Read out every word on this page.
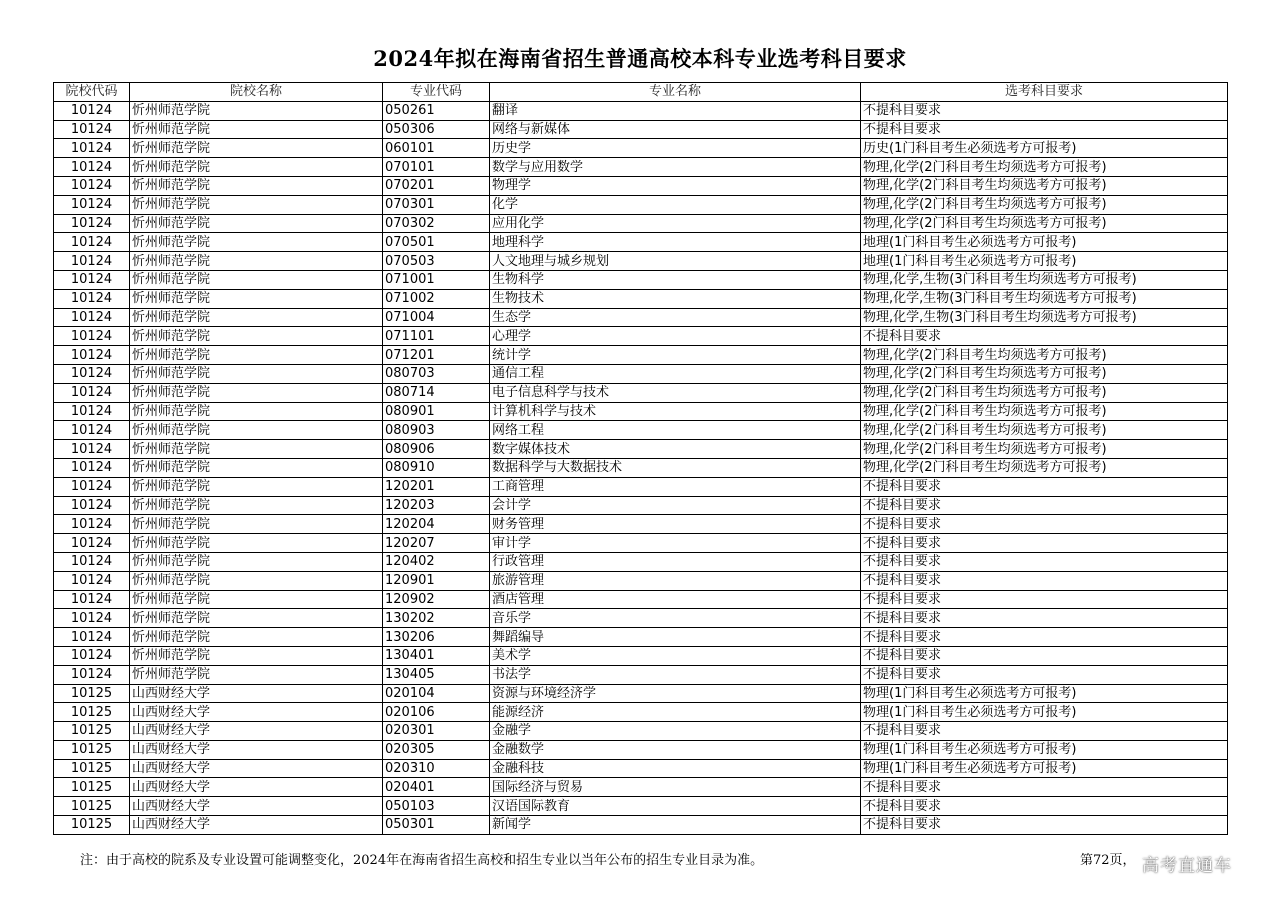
2024年拟在海南省招生普通高校本科专业选考科目要求
院校代码	院校名称	专业代码	专业名称	选考科目要求
10124	忻州师范学院	050261	翻译	不提科目要求
10124	忻州师范学院	050306	网络与新媒体	不提科目要求
10124	忻州师范学院	060101	历史学	历史(1门科目考生必须选考方可报考)
10124	忻州师范学院	070101	数学与应用数学	物理,化学(2门科目考生均须选考方可报考)
10124	忻州师范学院	070201	物理学	物理,化学(2门科目考生均须选考方可报考)
10124	忻州师范学院	070301	化学	物理,化学(2门科目考生均须选考方可报考)
10124	忻州师范学院	070302	应用化学	物理,化学(2门科目考生均须选考方可报考)
10124	忻州师范学院	070501	地理科学	地理(1门科目考生必须选考方可报考)
10124	忻州师范学院	070503	人文地理与城乡规划	地理(1门科目考生必须选考方可报考)
10124	忻州师范学院	071001	生物科学	物理,化学,生物(3门科目考生均须选考方可报考)
10124	忻州师范学院	071002	生物技术	物理,化学,生物(3门科目考生均须选考方可报考)
10124	忻州师范学院	071004	生态学	物理,化学,生物(3门科目考生均须选考方可报考)
10124	忻州师范学院	071101	心理学	不提科目要求
10124	忻州师范学院	071201	统计学	物理,化学(2门科目考生均须选考方可报考)
10124	忻州师范学院	080703	通信工程	物理,化学(2门科目考生均须选考方可报考)
10124	忻州师范学院	080714	电子信息科学与技术	物理,化学(2门科目考生均须选考方可报考)
10124	忻州师范学院	080901	计算机科学与技术	物理,化学(2门科目考生均须选考方可报考)
10124	忻州师范学院	080903	网络工程	物理,化学(2门科目考生均须选考方可报考)
10124	忻州师范学院	080906	数字媒体技术	物理,化学(2门科目考生均须选考方可报考)
10124	忻州师范学院	080910	数据科学与大数据技术	物理,化学(2门科目考生均须选考方可报考)
10124	忻州师范学院	120201	工商管理	不提科目要求
10124	忻州师范学院	120203	会计学	不提科目要求
10124	忻州师范学院	120204	财务管理	不提科目要求
10124	忻州师范学院	120207	审计学	不提科目要求
10124	忻州师范学院	120402	行政管理	不提科目要求
10124	忻州师范学院	120901	旅游管理	不提科目要求
10124	忻州师范学院	120902	酒店管理	不提科目要求
10124	忻州师范学院	130202	音乐学	不提科目要求
10124	忻州师范学院	130206	舞蹈编导	不提科目要求
10124	忻州师范学院	130401	美术学	不提科目要求
10124	忻州师范学院	130405	书法学	不提科目要求
10125	山西财经大学	020104	资源与环境经济学	物理(1门科目考生必须选考方可报考)
10125	山西财经大学	020106	能源经济	物理(1门科目考生必须选考方可报考)
10125	山西财经大学	020301	金融学	不提科目要求
10125	山西财经大学	020305	金融数学	物理(1门科目考生必须选考方可报考)
10125	山西财经大学	020310	金融科技	物理(1门科目考生必须选考方可报考)
10125	山西财经大学	020401	国际经济与贸易	不提科目要求
10125	山西财经大学	050103	汉语国际教育	不提科目要求
10125	山西财经大学	050301	新闻学	不提科目要求
注：由于高校的院系及专业设置可能调整变化，2024年在海南省招生高校和招生专业以当年公布的招生专业目录为准。	第72页， 高考直通车
